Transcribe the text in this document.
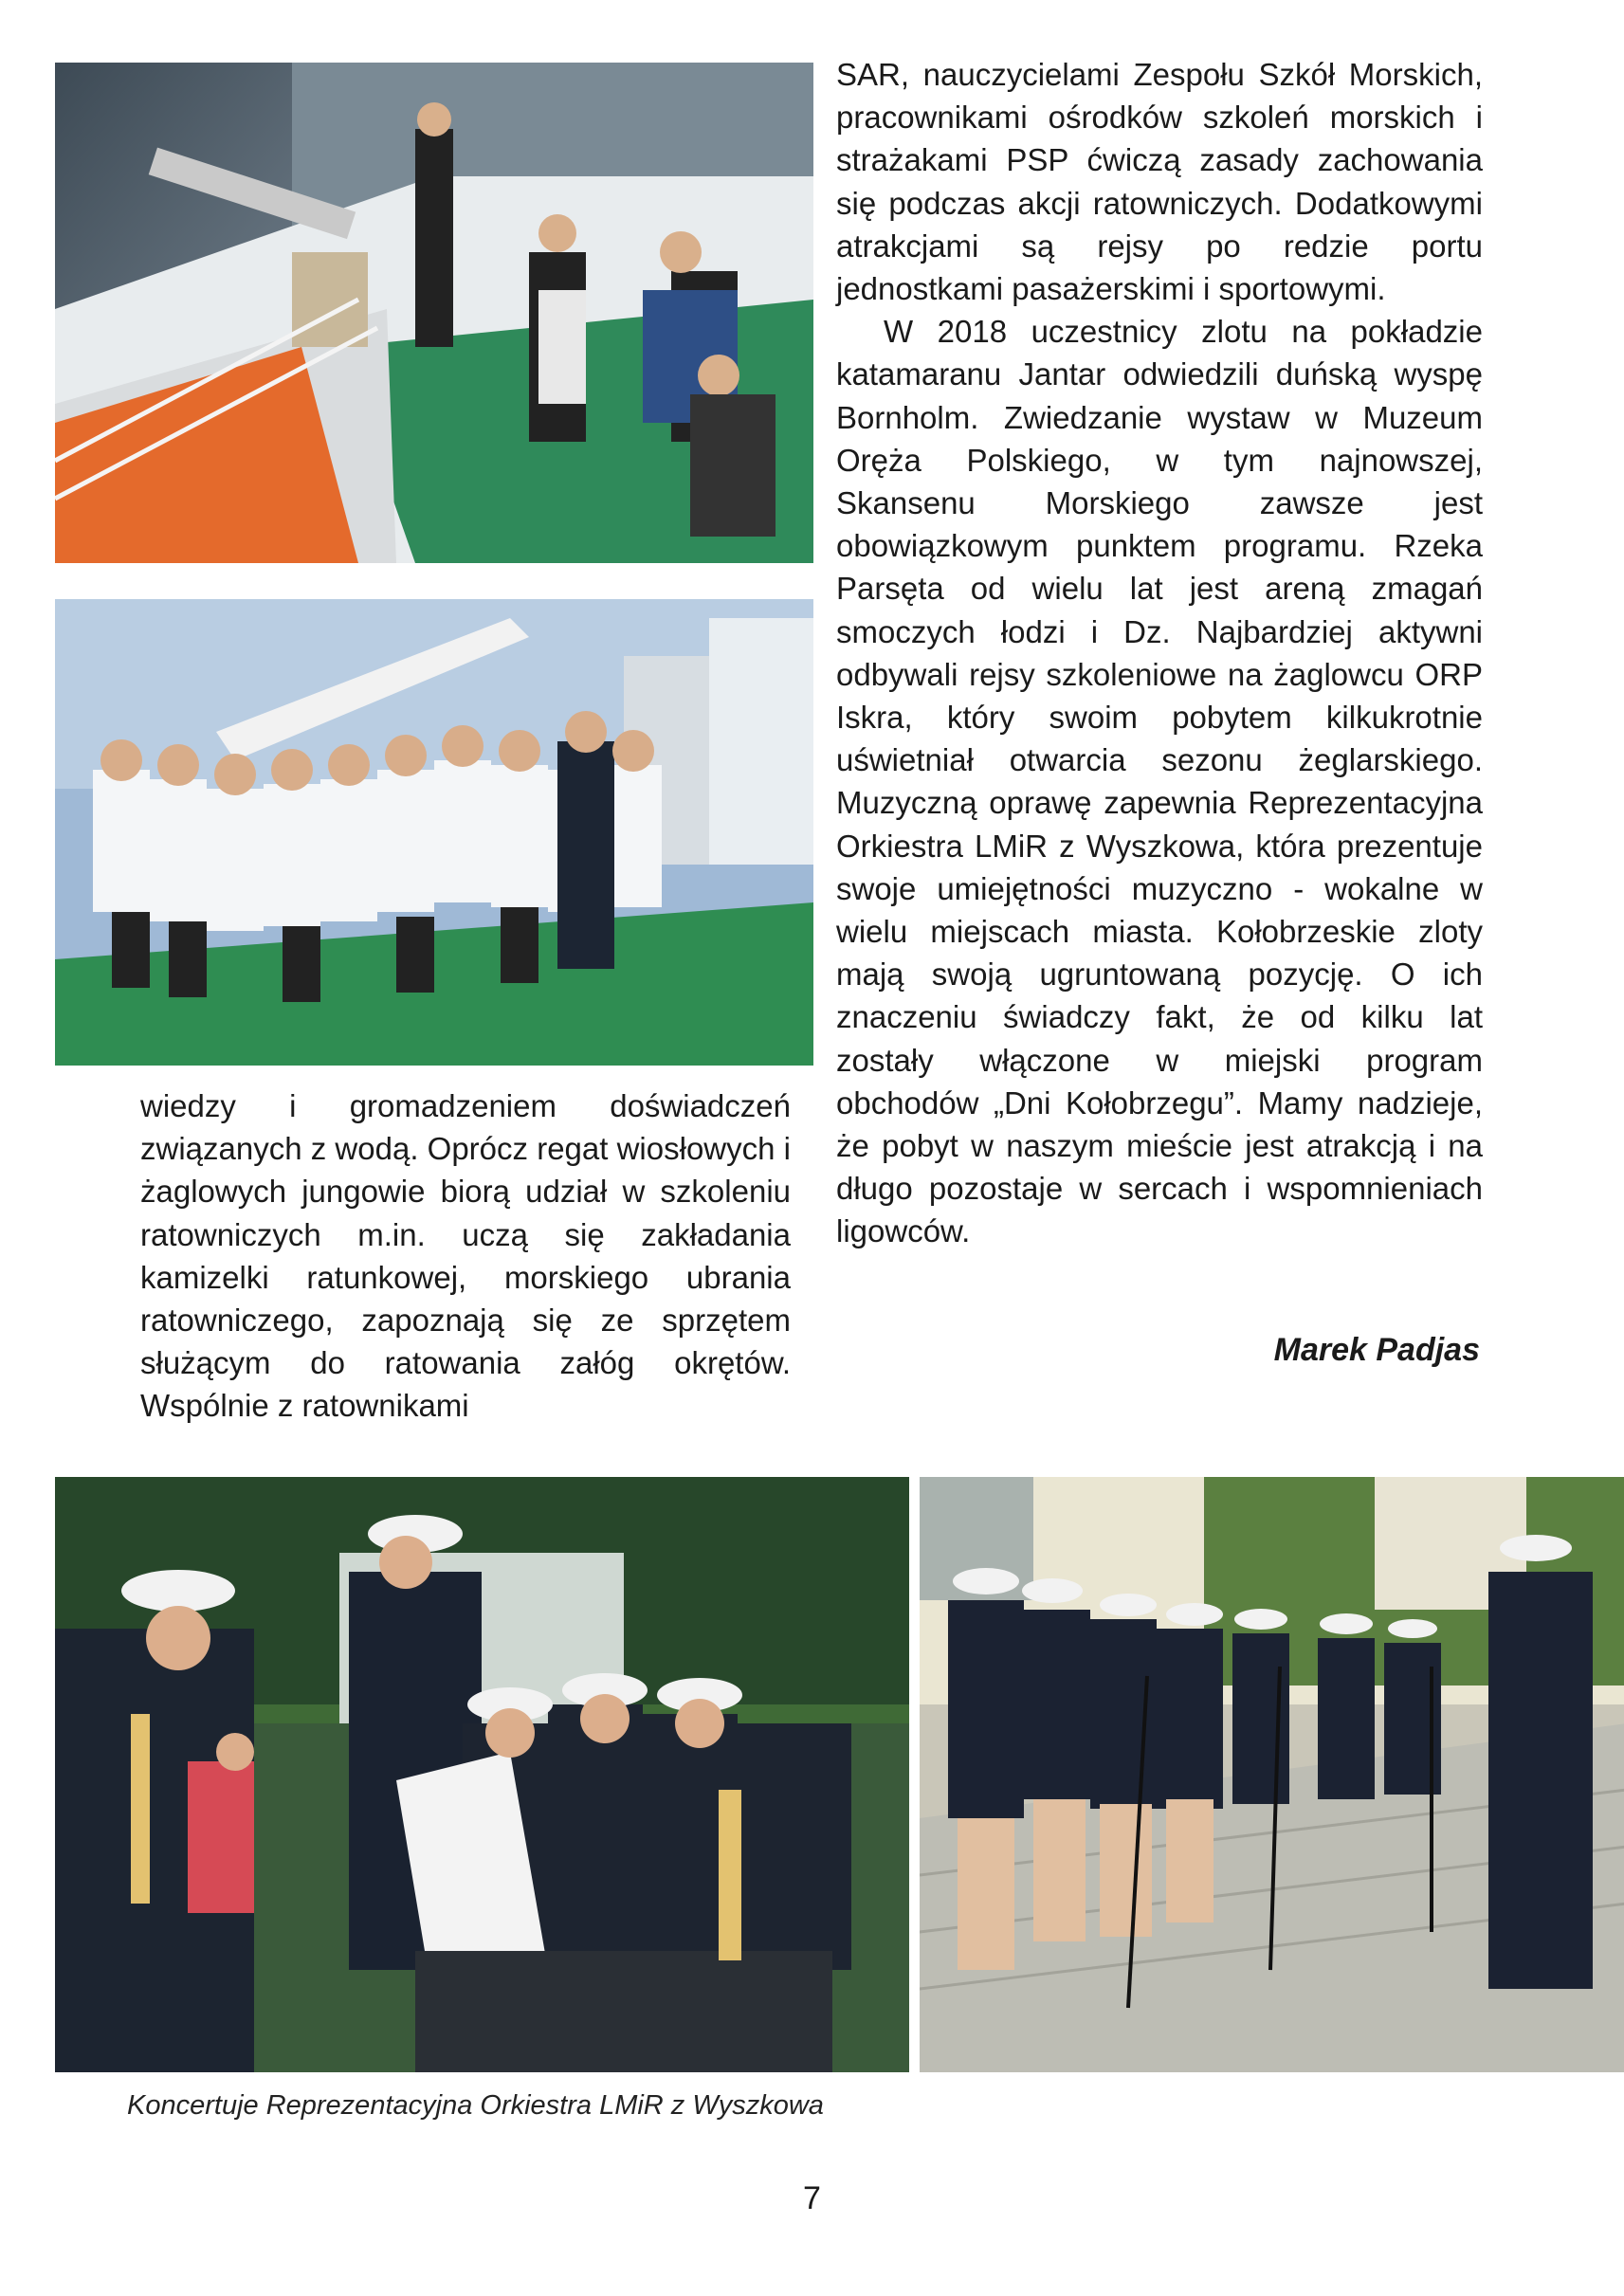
wiedzy i gromadzeniem doświadczeń związanych z wodą. Oprócz regat wiosłowych i żaglowych jungowie biorą udział w szkoleniu ratowniczych m.in. uczą się zakładania kamizelki ratunkowej, morskiego ubrania ratowniczego, zapoznają się ze sprzętem służącym do ratowania załóg okrętów. Wspólnie z ratownikami

SAR, nauczycielami Zespołu Szkół Morskich, pracownikami ośrodków szkoleń morskich i strażakami PSP ćwiczą zasady zachowania się podczas akcji ratowniczych. Dodatkowymi atrakcjami są rejsy po redzie portu jednostkami pasażerskimi i sportowymi.

W 2018 uczestnicy zlotu na pokładzie katamaranu Jantar odwiedzili duńską wyspę Bornholm. Zwiedzanie wystaw w Muzeum Oręża Polskiego, w tym najnowszej, Skansenu Morskiego zawsze jest obowiązkowym punktem programu. Rzeka Parsęta od wielu lat jest areną zmagań smoczych łodzi i Dz. Najbardziej aktywni odbywali rejsy szkoleniowe na żaglowcu ORP Iskra, który swoim pobytem kilkukrotnie uświetniał otwarcia sezonu żeglarskiego. Muzyczną oprawę zapewnia Reprezentacyjna Orkiestra LMiR z Wyszkowa, która prezentuje swoje umiejętności muzyczno - wokalne w wielu miejscach miasta. Kołobrzeskie zloty mają swoją ugruntowaną pozycję. O ich znaczeniu świadczy fakt, że od kilku lat zostały włączone w miejski program obchodów „Dni Kołobrzegu”. Mamy nadzieje, że pobyt w naszym mieście jest atrakcją i na długo pozostaje w sercach i wspomnieniach ligowców.

Marek Padjas
Koncertuje Reprezentacyjna Orkiestra LMiR z Wyszkowa
7
